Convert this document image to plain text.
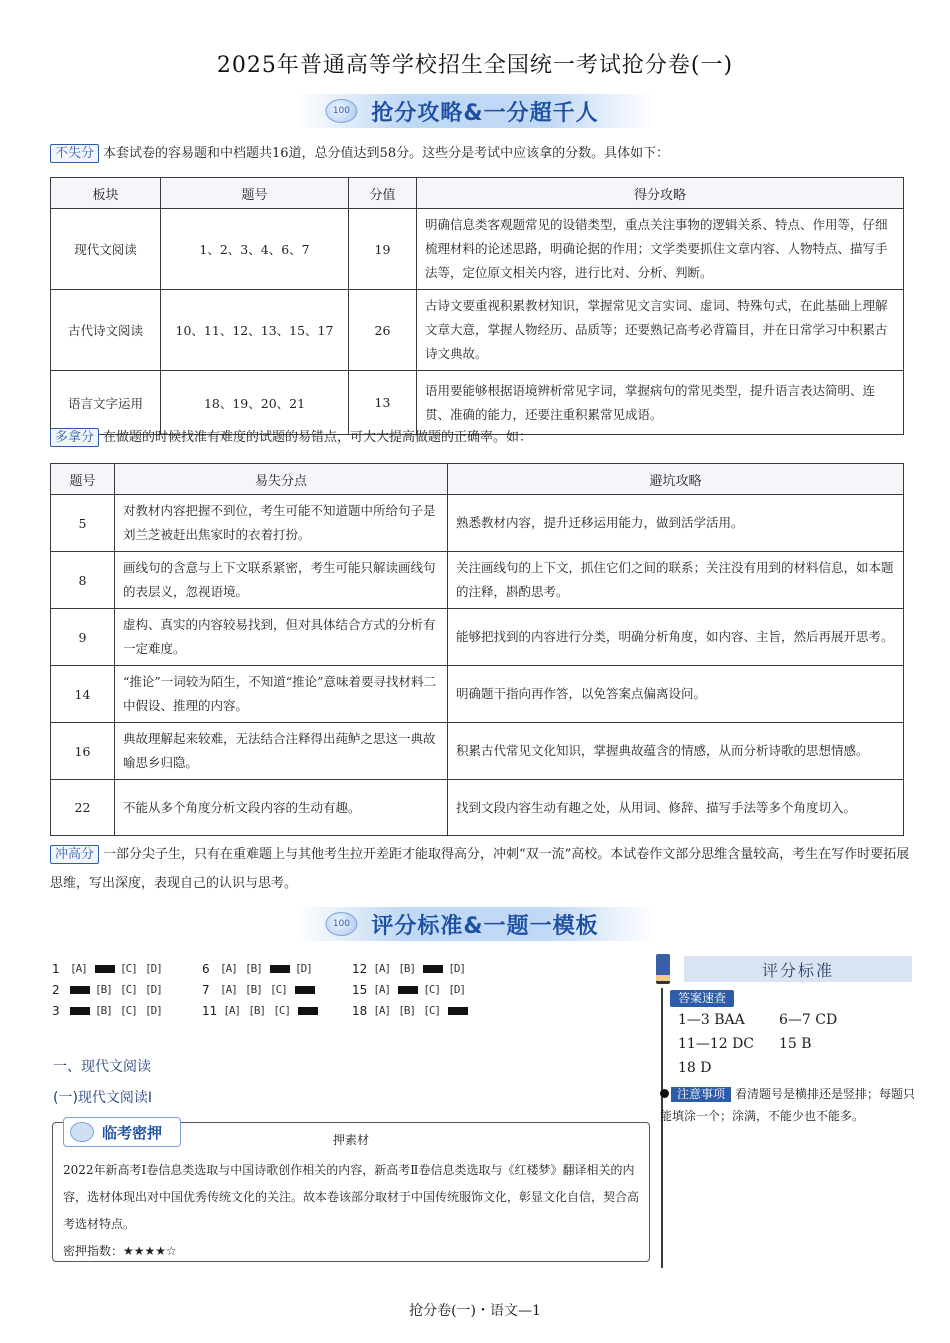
2025年普通高等学校招生全国统一考试抢分卷(一)
100 抢分攻略&一分超千人
不失分 本套试卷的容易题和中档题共16道，总分值达到58分。这些分是考试中应该拿的分数。具体如下：
板块	题号	分值	得分攻略
现代文阅读	1、2、3、4、6、7	19	明确信息类客观题常见的设错类型，重点关注事物的逻辑关系、特点、作用等，仔细梳理材料的论述思路，明确论据的作用；文学类要抓住文章内容、人物特点、描写手法等，定位原文相关内容，进行比对、分析、判断。
古代诗文阅读	10、11、12、13、15、17	26	古诗文要重视积累教材知识，掌握常见文言实词、虚词、特殊句式，在此基础上理解文章大意，掌握人物经历、品质等；还要熟记高考必背篇目，并在日常学习中积累古诗文典故。
语言文字运用	18、19、20、21	13	语用要能够根据语境辨析常见字词，掌握病句的常见类型，提升语言表达简明、连贯、准确的能力，还要注重积累常见成语。
多拿分 在做题的时候找准有难度的试题的易错点，可大大提高做题的正确率。如：
题号	易失分点	避坑攻略
5	对教材内容把握不到位，考生可能不知道题中所给句子是刘兰芝被赶出焦家时的衣着打扮。	熟悉教材内容，提升迁移运用能力，做到活学活用。
8	画线句的含意与上下文联系紧密，考生可能只解读画线句的表层义，忽视语境。	关注画线句的上下文，抓住它们之间的联系；关注没有用到的材料信息，如本题的注释，斟酌思考。
9	虚构、真实的内容较易找到，但对具体结合方式的分析有一定难度。	能够把找到的内容进行分类，明确分析角度，如内容、主旨，然后再展开思考。
14	“推论”一词较为陌生，不知道“推论”意味着要寻找材料二中假设、推理的内容。	明确题干指向再作答，以免答案点偏离设问。
16	典故理解起来较难，无法结合注释得出莼鲈之思这一典故喻思乡归隐。	积累古代常见文化知识，掌握典故蕴含的情感，从而分析诗歌的思想情感。
22	不能从多个角度分析文段内容的生动有趣。	找到文段内容生动有趣之处，从用词、修辞、描写手法等多个角度切入。
冲高分 一部分尖子生，只有在重难题上与其他考生拉开差距才能取得高分，冲刺“双一流”高校。本试卷作文部分思维含量较高，考生在写作时要拓展思维，写出深度，表现自己的认识与思考。
100 评分标准&一题一模板
1 [A]	[C] [D]	6 [A] [B]	[D]	12 [A] [B]	[D]
2	[B] [C] [D]	7 [A] [B] [C]	15 [A]	[C] [D]
3	[B] [C] [D]	11 [A] [B] [C]	18 [A] [B] [C]
评分标准
答案速查
1—3 BAA	6—7 CD
11—12 DC	15 B
18 D
注意事项 看清题号是横排还是竖排；每题只能填涂一个；涂满，不能少也不能多。
一、现代文阅读
(一)现代文阅读Ⅰ
临考密押	押素材
2022年新高考Ⅰ卷信息类选取与中国诗歌创作相关的内容，新高考Ⅱ卷信息类选取与《红楼梦》翻译相关的内容，选材体现出对中国优秀传统文化的关注。故本卷该部分取材于中国传统服饰文化，彰显文化自信，契合高考选材特点。
密押指数：★★★★☆
抢分卷(一)・语文—1
